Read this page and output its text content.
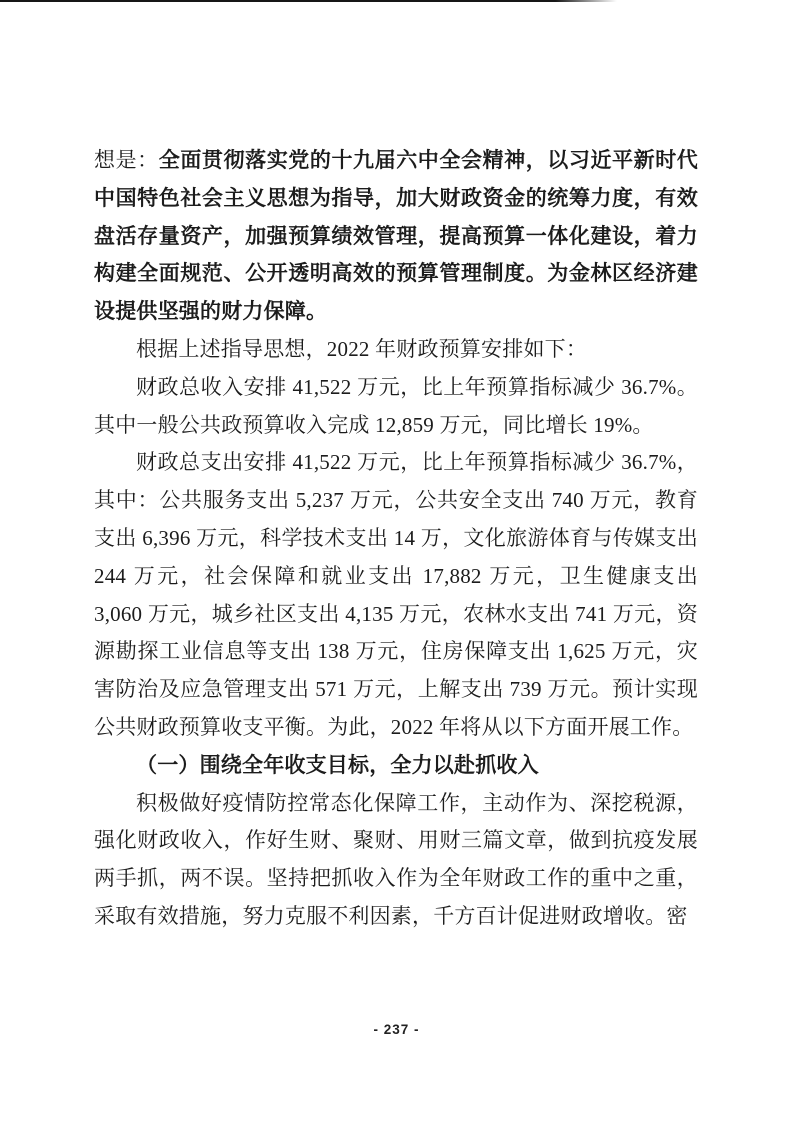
想是：全面贯彻落实党的十九届六中全会精神，以习近平新时代中国特色社会主义思想为指导，加大财政资金的统筹力度，有效盘活存量资产，加强预算绩效管理，提高预算一体化建设，着力构建全面规范、公开透明高效的预算管理制度。为金林区经济建设提供坚强的财力保障。

根据上述指导思想，2022 年财政预算安排如下：

财政总收入安排 41,522 万元，比上年预算指标减少 36.7%。其中一般公共政预算收入完成 12,859 万元，同比增长 19%。

财政总支出安排 41,522 万元，比上年预算指标减少 36.7%，其中：公共服务支出 5,237 万元，公共安全支出 740 万元，教育支出 6,396 万元，科学技术支出 14 万，文化旅游体育与传媒支出 244 万元，社会保障和就业支出 17,882 万元，卫生健康支出 3,060 万元，城乡社区支出 4,135 万元，农林水支出 741 万元，资源勘探工业信息等支出 138 万元，住房保障支出 1,625 万元，灾害防治及应急管理支出 571 万元，上解支出 739 万元。预计实现公共财政预算收支平衡。为此，2022 年将从以下方面开展工作。

（一）围绕全年收支目标，全力以赴抓收入

积极做好疫情防控常态化保障工作，主动作为、深挖税源，强化财政收入，作好生财、聚财、用财三篇文章，做到抗疫发展两手抓，两不误。坚持把抓收入作为全年财政工作的重中之重，采取有效措施，努力克服不利因素，千方百计促进财政增收。密

- 237 -
